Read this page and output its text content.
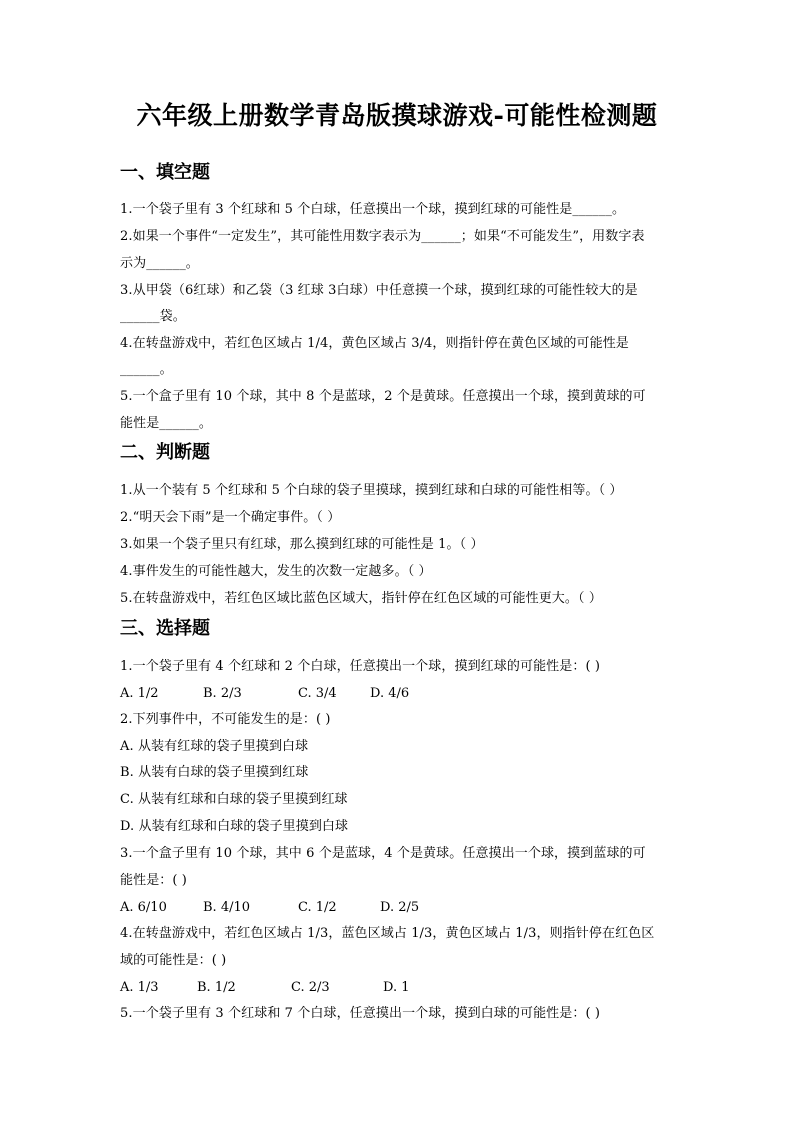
六年级上册数学青岛版摸球游戏-可能性检测题
一、填空题
1.一个袋子里有 3 个红球和 5 个白球，任意摸出一个球，摸到红球的可能性是______。
2.如果一个事件“一定发生”，其可能性用数字表示为______；如果“不可能发生”，用数字表
示为______。
3.从甲袋（6红球）和乙袋（3 红球 3白球）中任意摸一个球，摸到红球的可能性较大的是
______袋。
4.在转盘游戏中，若红色区域占 1/4，黄色区域占 3/4，则指针停在黄色区域的可能性是
______。
5.一个盒子里有 10 个球，其中 8 个是蓝球，2 个是黄球。任意摸出一个球，摸到黄球的可
能性是______。
二、判断题
1.从一个装有 5 个红球和 5 个白球的袋子里摸球，摸到红球和白球的可能性相等。（ ）
2.“明天会下雨”是一个确定事件。（ ）
3.如果一个袋子里只有红球，那么摸到红球的可能性是 1。（ ）
4.事件发生的可能性越大，发生的次数一定越多。（ ）
5.在转盘游戏中，若红色区域比蓝色区域大，指针停在红色区域的可能性更大。（ ）
三、选择题
1.一个袋子里有 4 个红球和 2 个白球，任意摸出一个球，摸到红球的可能性是：( )
A. 1/2	B. 2/3	C. 3/4	D. 4/6
2.下列事件中，不可能发生的是：( )
A. 从装有红球的袋子里摸到白球
B. 从装有白球的袋子里摸到红球
C. 从装有红球和白球的袋子里摸到红球
D. 从装有红球和白球的袋子里摸到白球
3.一个盒子里有 10 个球，其中 6 个是蓝球，4 个是黄球。任意摸出一个球，摸到蓝球的可
能性是：( )
A. 6/10	B. 4/10	C. 1/2	D. 2/5
4.在转盘游戏中，若红色区域占 1/3，蓝色区域占 1/3，黄色区域占 1/3，则指针停在红色区
域的可能性是：( )
A. 1/3	B. 1/2	C. 2/3	D. 1
5.一个袋子里有 3 个红球和 7 个白球，任意摸出一个球，摸到白球的可能性是：( )
